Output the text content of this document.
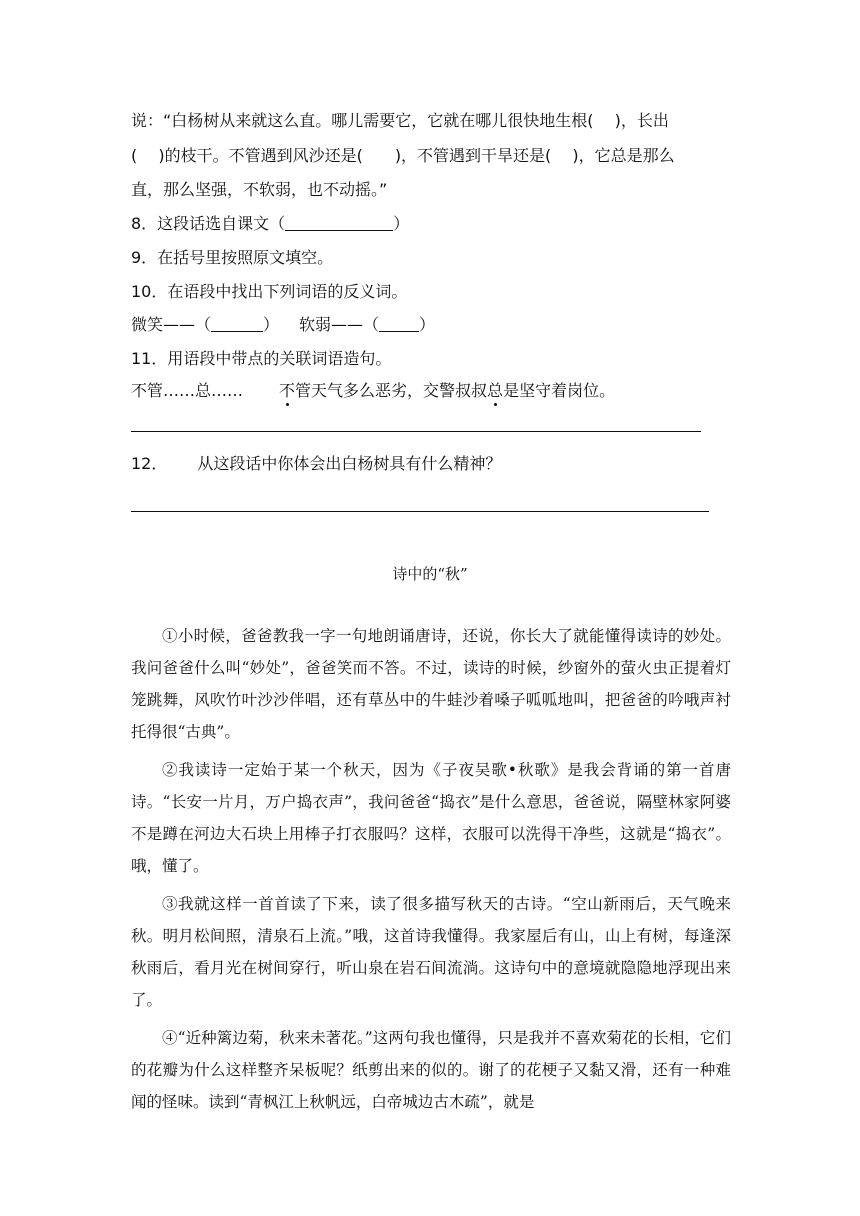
说：“白杨树从来就这么直。哪儿需要它，它就在哪儿很快地生根(　 )，长出
(　 )的枝干。不管遇到风沙还是(　　)，不管遇到干旱还是(　 )，它总是那么
直，那么坚强，不软弱，也不动摇。”
8．这段话选自课文（	）
9．在括号里按照原文填空。
10．在语段中找出下列词语的反义词。
微笑——（	） 软弱——（	）
11．用语段中带点的关联词语造句。
不管……总…… 不管天气多么恶劣，交警叔叔总是坚守着岗位。
12． 从这段话中你体会出白杨树具有什么精神？
诗中的“秋”

①小时候，爸爸教我一字一句地朗诵唐诗，还说，你长大了就能懂得读诗的妙处。我问爸爸什么叫“妙处”，爸爸笑而不答。不过，读诗的时候，纱窗外的萤火虫正提着灯笼跳舞，风吹竹叶沙沙伴唱，还有草丛中的牛蛙沙着嗓子呱呱地叫，把爸爸的吟哦声衬托得很“古典”。

②我读诗一定始于某一个秋天，因为《子夜吴歌•秋歌》是我会背诵的第一首唐诗。“长安一片月，万户捣衣声”，我问爸爸“捣衣”是什么意思，爸爸说，隔壁林家阿婆不是蹲在河边大石块上用棒子打衣服吗？这样，衣服可以洗得干净些，这就是“捣衣”。哦，懂了。

③我就这样一首首读了下来，读了很多描写秋天的古诗。“空山新雨后，天气晚来秋。明月松间照，清泉石上流。”哦，这首诗我懂得。我家屋后有山，山上有树，每逢深秋雨后，看月光在树间穿行，听山泉在岩石间流淌。这诗句中的意境就隐隐地浮现出来了。

④“近种篱边菊，秋来未著花。”这两句我也懂得，只是我并不喜欢菊花的长相，它们的花瓣为什么这样整齐呆板呢？纸剪出来的似的。谢了的花梗子又黏又滑，还有一种难闻的怪味。读到“青枫江上秋帆远，白帝城边古木疏”，就是
